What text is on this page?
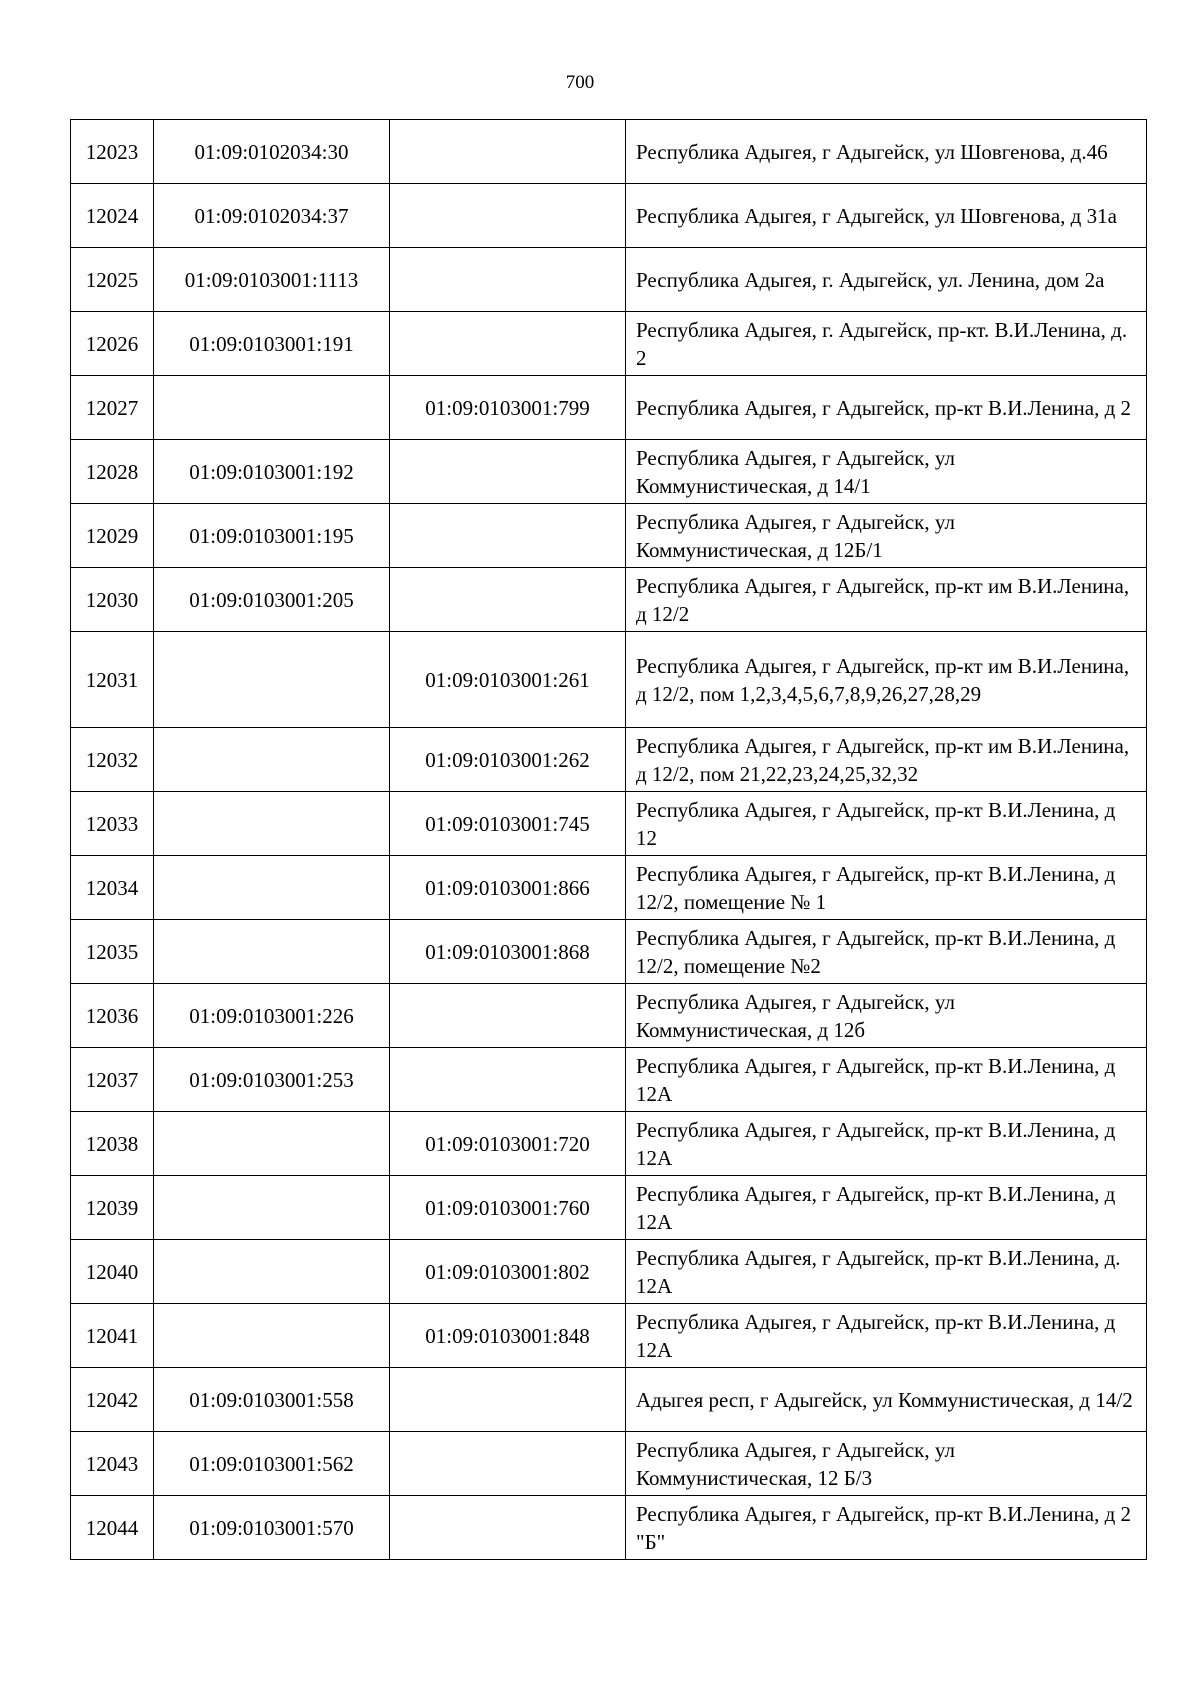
700
12023	01:09:0102034:30		Республика Адыгея, г Адыгейск, ул Шовгенова, д.46
12024	01:09:0102034:37		Республика Адыгея, г Адыгейск, ул Шовгенова, д 31а
12025	01:09:0103001:1113		Республика Адыгея, г. Адыгейск, ул. Ленина, дом 2а
12026	01:09:0103001:191		Республика Адыгея, г. Адыгейск, пр-кт. В.И.Ленина, д. 2
12027		01:09:0103001:799	Республика Адыгея, г Адыгейск, пр-кт В.И.Ленина, д 2
12028	01:09:0103001:192		Республика Адыгея, г Адыгейск, ул Коммунистическая, д 14/1
12029	01:09:0103001:195		Республика Адыгея, г Адыгейск, ул Коммунистическая, д 12Б/1
12030	01:09:0103001:205		Республика Адыгея, г Адыгейск, пр-кт им В.И.Ленина, д 12/2
12031		01:09:0103001:261	Республика Адыгея, г Адыгейск, пр-кт им В.И.Ленина, д 12/2, пом 1,2,3,4,5,6,7,8,9,26,27,28,29
12032		01:09:0103001:262	Республика Адыгея, г Адыгейск, пр-кт им В.И.Ленина, д 12/2, пом 21,22,23,24,25,32,32
12033		01:09:0103001:745	Республика Адыгея, г Адыгейск, пр-кт В.И.Ленина, д 12
12034		01:09:0103001:866	Республика Адыгея, г Адыгейск, пр-кт В.И.Ленина, д 12/2, помещение № 1
12035		01:09:0103001:868	Республика Адыгея, г Адыгейск, пр-кт В.И.Ленина, д 12/2, помещение №2
12036	01:09:0103001:226		Республика Адыгея, г Адыгейск, ул Коммунистическая, д 12б
12037	01:09:0103001:253		Республика Адыгея, г Адыгейск, пр-кт В.И.Ленина, д 12А
12038		01:09:0103001:720	Республика Адыгея, г Адыгейск, пр-кт В.И.Ленина, д 12А
12039		01:09:0103001:760	Республика Адыгея, г Адыгейск, пр-кт В.И.Ленина, д 12А
12040		01:09:0103001:802	Республика Адыгея, г Адыгейск, пр-кт В.И.Ленина, д. 12А
12041		01:09:0103001:848	Республика Адыгея, г Адыгейск, пр-кт В.И.Ленина, д 12А
12042	01:09:0103001:558		Адыгея респ, г Адыгейск, ул Коммунистическая, д 14/2
12043	01:09:0103001:562		Республика Адыгея, г Адыгейск, ул Коммунистическая, 12 Б/3
12044	01:09:0103001:570		Республика Адыгея, г Адыгейск, пр-кт В.И.Ленина, д 2 "Б"
